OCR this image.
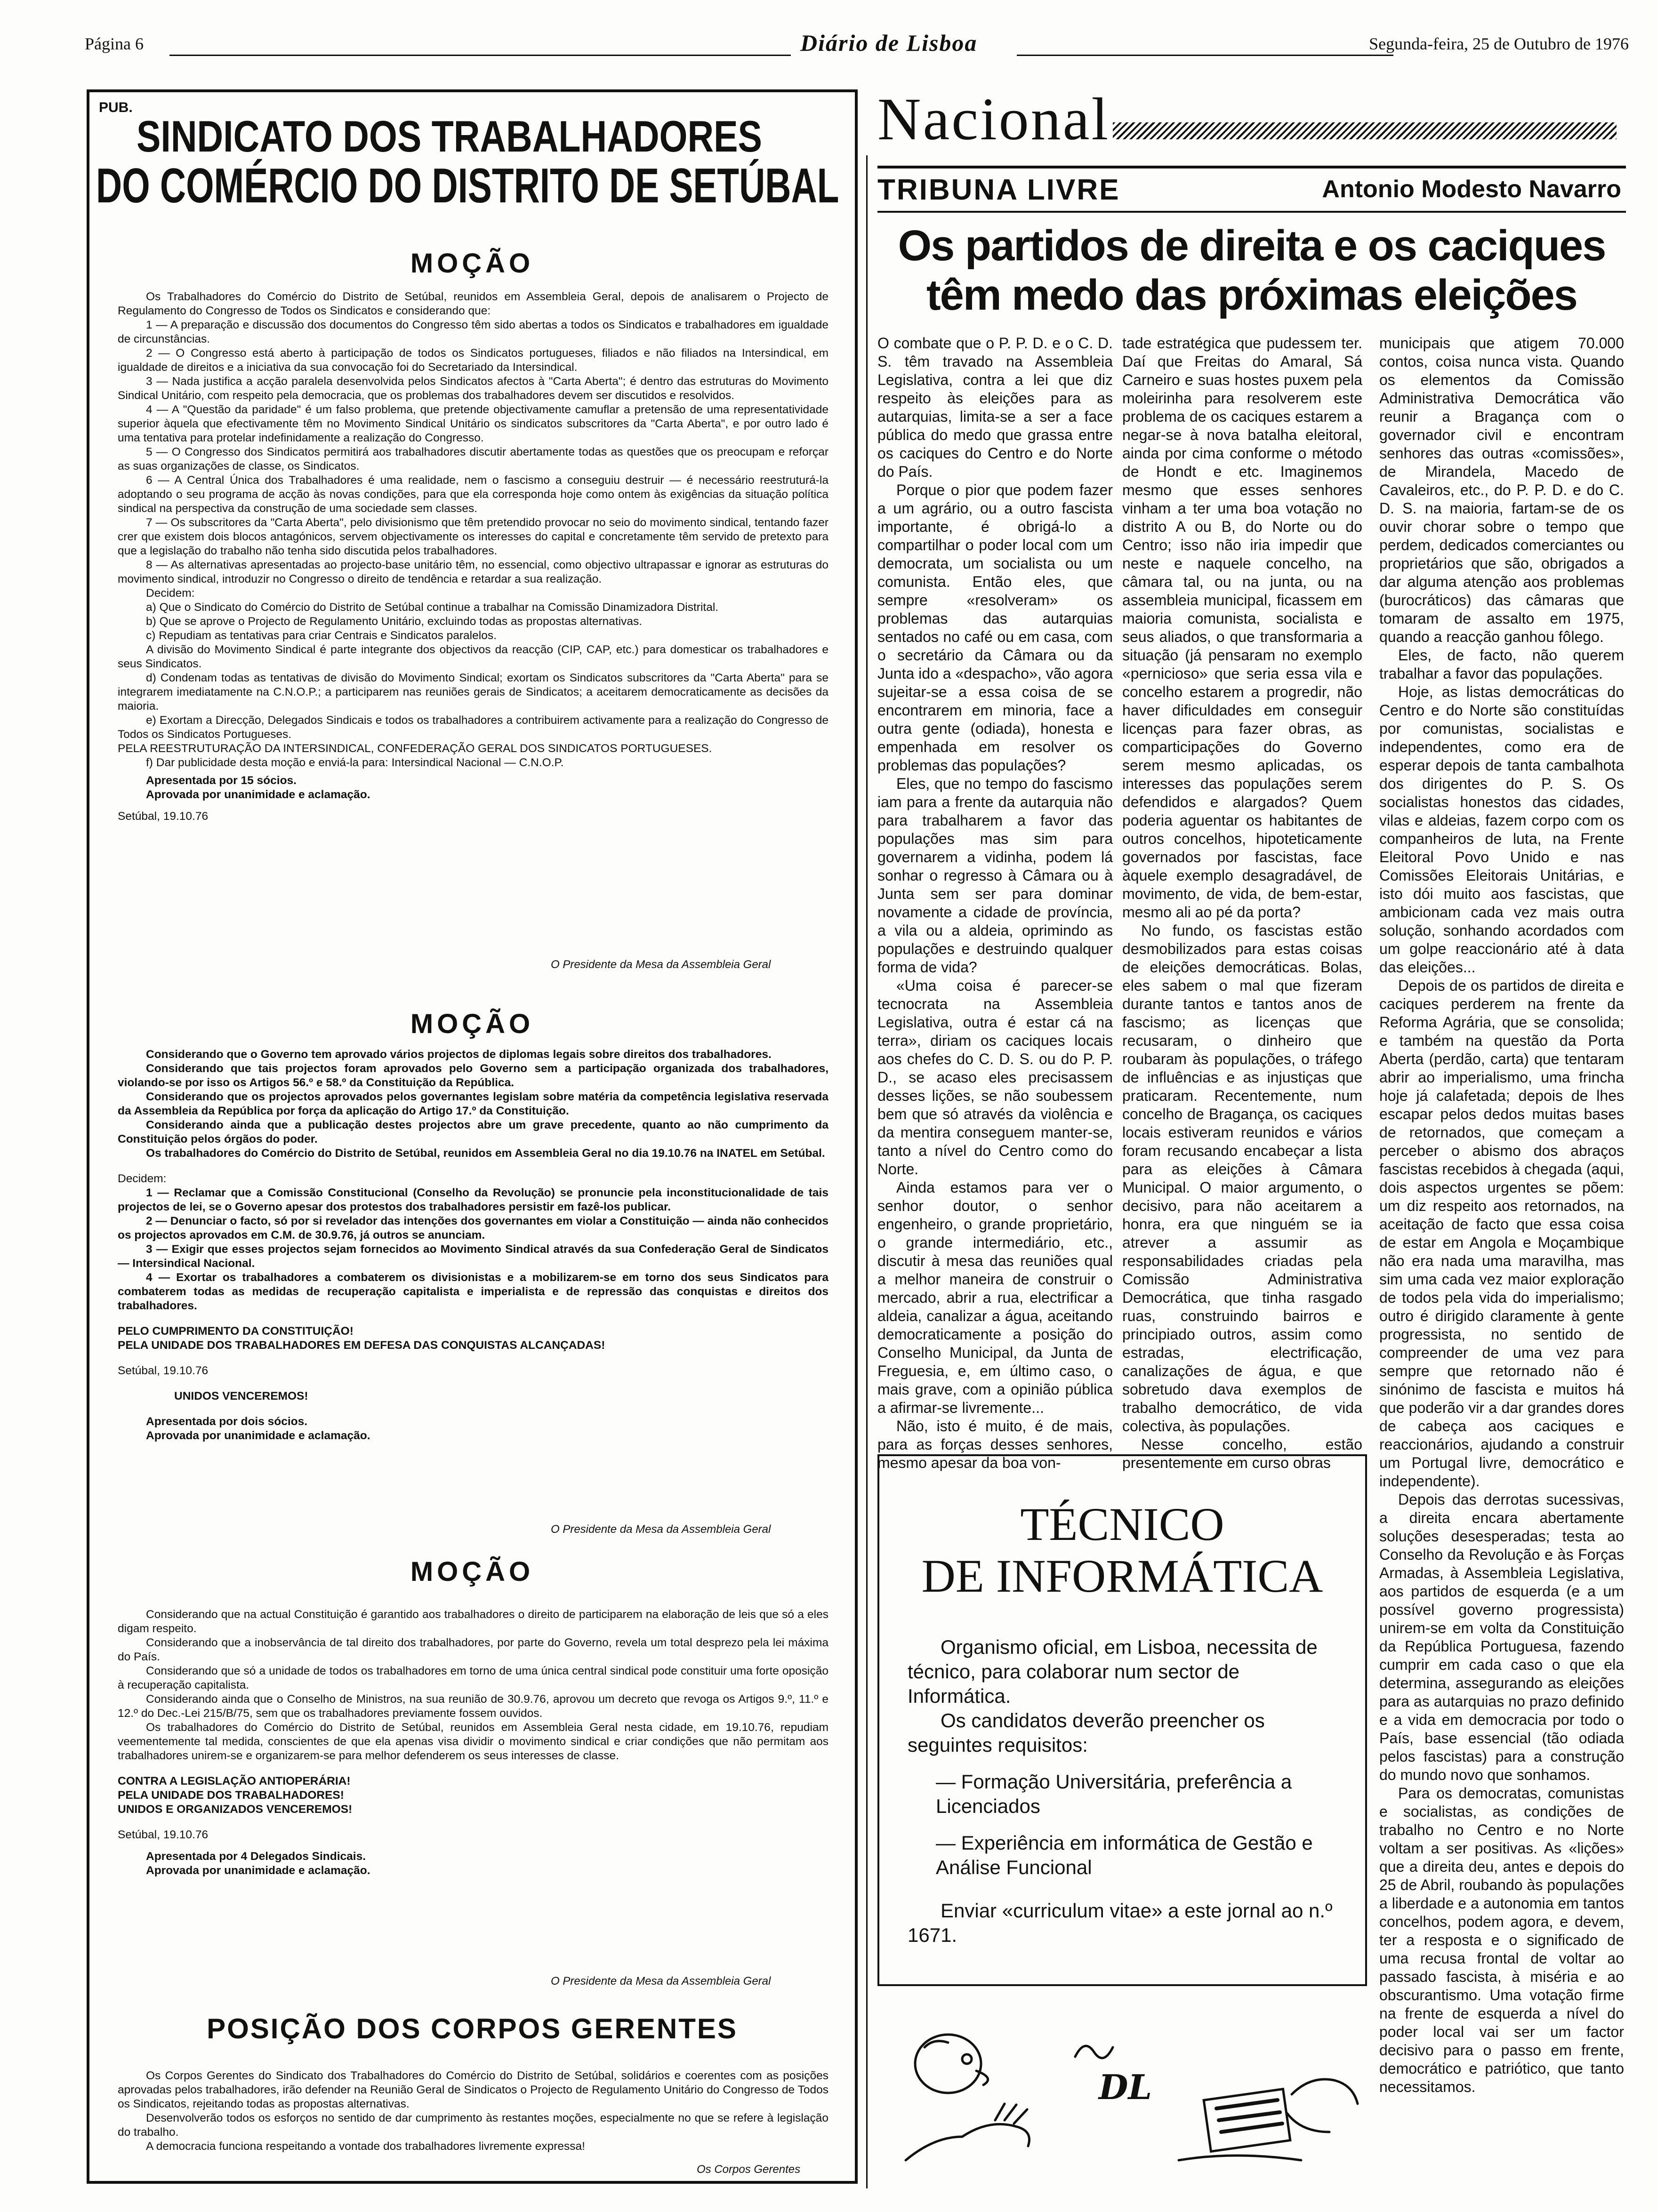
Página 6	Diário de Lisboa	Segunda-feira, 25 de Outubro de 1976
PUB.
SINDICATO DOS TRABALHADORES
DO COMÉRCIO DO DISTRITO DE SETÚBAL
MOÇÃO

Os Trabalhadores do Comércio do Distrito de Setúbal, reunidos em Assembleia Geral, depois de analisarem o Projecto de Regulamento do Congresso de Todos os Sindicatos e considerando que:

1 — A preparação e discussão dos documentos do Congresso têm sido abertas a todos os Sindicatos e trabalhadores em igualdade de circunstâncias.

2 — O Congresso está aberto à participação de todos os Sindicatos portugueses, filiados e não filiados na Intersindical, em igualdade de direitos e a iniciativa da sua convocação foi do Secretariado da Intersindical.

3 — Nada justifica a acção paralela desenvolvida pelos Sindicatos afectos à "Carta Aberta"; é dentro das estruturas do Movimento Sindical Unitário, com respeito pela democracia, que os problemas dos trabalhadores devem ser discutidos e resolvidos.

4 — A "Questão da paridade" é um falso problema, que pretende objectivamente camuflar a pretensão de uma representatividade superior àquela que efectivamente têm no Movimento Sindical Unitário os sindicatos subscritores da "Carta Aberta", e por outro lado é uma tentativa para protelar indefinidamente a realização do Congresso.

5 — O Congresso dos Sindicatos permitirá aos trabalhadores discutir abertamente todas as questões que os preocupam e reforçar as suas organizações de classe, os Sindicatos.

6 — A Central Única dos Trabalhadores é uma realidade, nem o fascismo a conseguiu destruir — é necessário reestruturá-la adoptando o seu programa de acção às novas condições, para que ela corresponda hoje como ontem às exigências da situação política sindical na perspectiva da construção de uma sociedade sem classes.

7 — Os subscritores da "Carta Aberta", pelo divisionismo que têm pretendido provocar no seio do movimento sindical, tentando fazer crer que existem dois blocos antagónicos, servem objectivamente os interesses do capital e concretamente têm servido de pretexto para que a legislação do trabalho não tenha sido discutida pelos trabalhadores.

8 — As alternativas apresentadas ao projecto-base unitário têm, no essencial, como objectivo ultrapassar e ignorar as estruturas do movimento sindical, introduzir no Congresso o direito de tendência e retardar a sua realização.

Decidem:

a) Que o Sindicato do Comércio do Distrito de Setúbal continue a trabalhar na Comissão Dinamizadora Distrital.

b) Que se aprove o Projecto de Regulamento Unitário, excluindo todas as propostas alternativas.

c) Repudiam as tentativas para criar Centrais e Sindicatos paralelos.

A divisão do Movimento Sindical é parte integrante dos objectivos da reacção (CIP, CAP, etc.) para domesticar os trabalhadores e seus Sindicatos.

d) Condenam todas as tentativas de divisão do Movimento Sindical; exortam os Sindicatos subscritores da "Carta Aberta" para se integrarem imediatamente na C.N.O.P.; a participarem nas reuniões gerais de Sindicatos; a aceitarem democraticamente as decisões da maioria.

e) Exortam a Direcção, Delegados Sindicais e todos os trabalhadores a contribuirem activamente para a realização do Congresso de Todos os Sindicatos Portugueses.

PELA REESTRUTURAÇÃO DA INTERSINDICAL, CONFEDERAÇÃO GERAL DOS SINDICATOS PORTUGUESES.

f) Dar publicidade desta moção e enviá-la para: Intersindical Nacional — C.N.O.P.

Apresentada por 15 sócios.

Aprovada por unanimidade e aclamação.

Setúbal, 19.10.76

O Presidente da Mesa da Assembleia Geral
MOÇÃO

Considerando que o Governo tem aprovado vários projectos de diplomas legais sobre direitos dos trabalhadores.

Considerando que tais projectos foram aprovados pelo Governo sem a participação organizada dos trabalhadores, violando-se por isso os Artigos 56.º e 58.º da Constituição da República.

Considerando que os projectos aprovados pelos governantes legislam sobre matéria da competência legislativa reservada da Assembleia da República por força da aplicação do Artigo 17.º da Constituição.

Considerando ainda que a publicação destes projectos abre um grave precedente, quanto ao não cumprimento da Constituição pelos órgãos do poder.

Os trabalhadores do Comércio do Distrito de Setúbal, reunidos em Assembleia Geral no dia 19.10.76 na INATEL em Setúbal.

Decidem:

1 — Reclamar que a Comissão Constitucional (Conselho da Revolução) se pronuncie pela inconstitucionalidade de tais projectos de lei, se o Governo apesar dos protestos dos trabalhadores persistir em fazê-los publicar.

2 — Denunciar o facto, só por si revelador das intenções dos governantes em violar a Constituição — ainda não conhecidos os projectos aprovados em C.M. de 30.9.76, já outros se anunciam.

3 — Exigir que esses projectos sejam fornecidos ao Movimento Sindical através da sua Confederação Geral de Sindicatos — Intersindical Nacional.

4 — Exortar os trabalhadores a combaterem os divisionistas e a mobilizarem-se em torno dos seus Sindicatos para combaterem todas as medidas de recuperação capitalista e imperialista e de repressão das conquistas e direitos dos trabalhadores.

PELO CUMPRIMENTO DA CONSTITUIÇÃO!

PELA UNIDADE DOS TRABALHADORES EM DEFESA DAS CONQUISTAS ALCANÇADAS!

Setúbal, 19.10.76

UNIDOS VENCEREMOS!

Apresentada por dois sócios.

Aprovada por unanimidade e aclamação.

O Presidente da Mesa da Assembleia Geral
MOÇÃO

Considerando que na actual Constituição é garantido aos trabalhadores o direito de participarem na elaboração de leis que só a eles digam respeito.

Considerando que a inobservância de tal direito dos trabalhadores, por parte do Governo, revela um total desprezo pela lei máxima do País.

Considerando que só a unidade de todos os trabalhadores em torno de uma única central sindical pode constituir uma forte oposição à recuperação capitalista.

Considerando ainda que o Conselho de Ministros, na sua reunião de 30.9.76, aprovou um decreto que revoga os Artigos 9.º, 11.º e 12.º do Dec.-Lei 215/B/75, sem que os trabalhadores previamente fossem ouvidos.

Os trabalhadores do Comércio do Distrito de Setúbal, reunidos em Assembleia Geral nesta cidade, em 19.10.76, repudiam veementemente tal medida, conscientes de que ela apenas visa dividir o movimento sindical e criar condições que não permitam aos trabalhadores unirem-se e organizarem-se para melhor defenderem os seus interesses de classe.

CONTRA A LEGISLAÇÃO ANTIOPERÁRIA!

PELA UNIDADE DOS TRABALHADORES!

UNIDOS E ORGANIZADOS VENCEREMOS!

Setúbal, 19.10.76

Apresentada por 4 Delegados Sindicais.

Aprovada por unanimidade e aclamação.

O Presidente da Mesa da Assembleia Geral
POSIÇÃO DOS CORPOS GERENTES

Os Corpos Gerentes do Sindicato dos Trabalhadores do Comércio do Distrito de Setúbal, solidários e coerentes com as posições aprovadas pelos trabalhadores, irão defender na Reunião Geral de Sindicatos o Projecto de Regulamento Unitário do Congresso de Todos os Sindicatos, rejeitando todas as propostas alternativas.

Desenvolverão todos os esforços no sentido de dar cumprimento às restantes moções, especialmente no que se refere à legislação do trabalho.

A democracia funciona respeitando a vontade dos trabalhadores livremente expressa!

Os Corpos Gerentes
Nacional
TRIBUNA LIVRE	Antonio Modesto Navarro
Os partidos de direita e os caciques
têm medo das próximas eleições

O combate que o P. P. D. e o C. D. S. têm travado na Assembleia Legislativa, contra a lei que diz respeito às eleições para as autarquias, limita-se a ser a face pública do medo que grassa entre os caciques do Centro e do Norte do País.

Porque o pior que podem fazer a um agrário, ou a outro fascista importante, é obrigá-lo a compartilhar o poder local com um democrata, um socialista ou um comunista. Então eles, que sempre «resolveram» os problemas das autarquias sentados no café ou em casa, com o secretário da Câmara ou da Junta ido a «despacho», vão agora sujeitar-se a essa coisa de se encontrarem em minoria, face a outra gente (odiada), honesta e empenhada em resolver os problemas das populações?

Eles, que no tempo do fascismo iam para a frente da autarquia não para trabalharem a favor das populações mas sim para governarem a vidinha, podem lá sonhar o regresso à Câmara ou à Junta sem ser para dominar novamente a cidade de província, a vila ou a aldeia, oprimindo as populações e destruindo qualquer forma de vida?

«Uma coisa é parecer-se tecnocrata na Assembleia Legislativa, outra é estar cá na terra», diriam os caciques locais aos chefes do C. D. S. ou do P. P. D., se acaso eles precisassem desses lições, se não soubessem bem que só através da violência e da mentira conseguem manter-se, tanto a nível do Centro como do Norte.

Ainda estamos para ver o senhor doutor, o senhor engenheiro, o grande proprietário, o grande intermediário, etc., discutir à mesa das reuniões qual a melhor maneira de construir o mercado, abrir a rua, electrificar a aldeia, canalizar a água, aceitando democraticamente a posição do Conselho Municipal, da Junta de Freguesia, e, em último caso, o mais grave, com a opinião pública a afirmar-se livremente...

Não, isto é muito, é de mais, para as forças desses senhores, mesmo apesar da boa von-

tade estratégica que pudessem ter. Daí que Freitas do Amaral, Sá Carneiro e suas hostes puxem pela moleirinha para resolverem este problema de os caciques estarem a negar-se à nova batalha eleitoral, ainda por cima conforme o método de Hondt e etc. Imaginemos mesmo que esses senhores vinham a ter uma boa votação no distrito A ou B, do Norte ou do Centro; isso não iria impedir que neste e naquele concelho, na câmara tal, ou na junta, ou na assembleia municipal, ficassem em maioria comunista, socialista e seus aliados, o que transformaria a situação (já pensaram no exemplo «pernicioso» que seria essa vila e concelho estarem a progredir, não haver dificuldades em conseguir licenças para fazer obras, as comparticipações do Governo serem mesmo aplicadas, os interesses das populações serem defendidos e alargados? Quem poderia aguentar os habitantes de outros concelhos, hipoteticamente governados por fascistas, face àquele exemplo desagradável, de movimento, de vida, de bem-estar, mesmo ali ao pé da porta?

No fundo, os fascistas estão desmobilizados para estas coisas de eleições democráticas. Bolas, eles sabem o mal que fizeram durante tantos e tantos anos de fascismo; as licenças que recusaram, o dinheiro que roubaram às populações, o tráfego de influências e as injustiças que praticaram. Recentemente, num concelho de Bragança, os caciques locais estiveram reunidos e vários foram recusando encabeçar a lista para as eleições à Câmara Municipal. O maior argumento, o decisivo, para não aceitarem a honra, era que ninguém se ia atrever a assumir as responsabilidades criadas pela Comissão Administrativa Democrática, que tinha rasgado ruas, construindo bairros e principiado outros, assim como estradas, electrificação, canalizações de água, e que sobretudo dava exemplos de trabalho democrático, de vida colectiva, às populações.

Nesse concelho, estão presentemente em curso obras

municipais que atigem 70.000 contos, coisa nunca vista. Quando os elementos da Comissão Administrativa Democrática vão reunir a Bragança com o governador civil e encontram senhores das outras «comissões», de Mirandela, Macedo de Cavaleiros, etc., do P. P. D. e do C. D. S. na maioria, fartam-se de os ouvir chorar sobre o tempo que perdem, dedicados comerciantes ou proprietários que são, obrigados a dar alguma atenção aos problemas (burocráticos) das câmaras que tomaram de assalto em 1975, quando a reacção ganhou fôlego.

Eles, de facto, não querem trabalhar a favor das populações.

Hoje, as listas democráticas do Centro e do Norte são constituídas por comunistas, socialistas e independentes, como era de esperar depois de tanta cambalhota dos dirigentes do P. S. Os socialistas honestos das cidades, vilas e aldeias, fazem corpo com os companheiros de luta, na Frente Eleitoral Povo Unido e nas Comissões Eleitorais Unitárias, e isto dói muito aos fascistas, que ambicionam cada vez mais outra solução, sonhando acordados com um golpe reaccionário até à data das eleições...

Depois de os partidos de direita e caciques perderem na frente da Reforma Agrária, que se consolida; e também na questão da Porta Aberta (perdão, carta) que tentaram abrir ao imperialismo, uma frincha hoje já calafetada; depois de lhes escapar pelos dedos muitas bases de retornados, que começam a perceber o abismo dos abraços fascistas recebidos à chegada (aqui, dois aspectos urgentes se põem: um diz respeito aos retornados, na aceitação de facto que essa coisa de estar em Angola e Moçambique não era nada uma maravilha, mas sim uma cada vez maior exploração de todos pela vida do imperialismo; outro é dirigido claramente à gente progressista, no sentido de compreender de uma vez para sempre que retornado não é sinónimo de fascista e muitos há que poderão vir a dar grandes dores de cabeça aos caciques e reaccionários, ajudando a construir um Portugal livre, democrático e independente).

Depois das derrotas sucessivas, a direita encara abertamente soluções desesperadas; testa ao Conselho da Revolução e às Forças Armadas, à Assembleia Legislativa, aos partidos de esquerda (e a um possível governo progressista) unirem-se em volta da Constituição da República Portuguesa, fazendo cumprir em cada caso o que ela determina, assegurando as eleições para as autarquias no prazo definido e a vida em democracia por todo o País, base essencial (tão odiada pelos fascistas) para a construção do mundo novo que sonhamos.

Para os democratas, comunistas e socialistas, as condições de trabalho no Centro e no Norte voltam a ser positivas. As «lições» que a direita deu, antes e depois do 25 de Abril, roubando às populações a liberdade e a autonomia em tantos concelhos, podem agora, e devem, ter a resposta e o significado de uma recusa frontal de voltar ao passado fascista, à miséria e ao obscurantismo. Uma votação firme na frente de esquerda a nível do poder local vai ser um factor decisivo para o passo em frente, democrático e patriótico, que tanto necessitamos.

TÉCNICO
DE INFORMÁTICA

Organismo oficial, em Lisboa, necessita de técnico, para colaborar num sector de Informática.

Os candidatos deverão preencher os seguintes requisitos:

— Formação Universitária, preferência a Licenciados

— Experiência em informática de Gestão e Análise Funcional

Enviar «curriculum vitae» a este jornal ao n.º 1671.

DL
